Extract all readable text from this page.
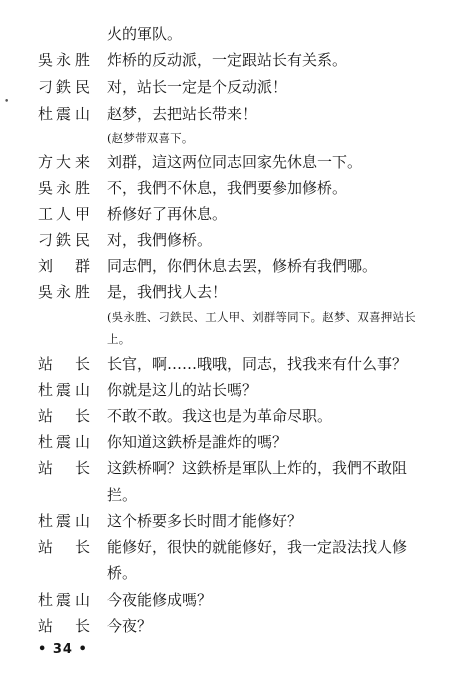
火的軍队。
吳 永 胜 炸桥的反动派，一定跟站长有关系。
刁 鉄 民 对，站长一定是个反动派！
杜 震 山 赵梦，去把站长带来！
(赵梦带双喜下。
方 大 来 刘群，這这两位同志回家先休息一下。
吳 永 胜 不，我們不休息，我們要參加修桥。
工 人 甲 桥修好了再休息。
刁 鉄 民 对，我們修桥。
刘 群 同志們，你們休息去罢，修桥有我們哪。
吳 永 胜 是，我們找人去！
(吳永胜、刁鉄民、工人甲、刘群等同下。赵梦、双喜押站长
上。
站 长 长官，啊……哦哦，同志，找我来有什么事？
杜 震 山 你就是这儿的站长嗎？
站 长 不敢不敢。我这也是为革命尽职。
杜 震 山 你知道这鉄桥是誰炸的嗎？
站 长 这鉄桥啊？这鉄桥是軍队上炸的，我們不敢阻
拦。
杜 震 山 这个桥要多长时間才能修好？
站 长 能修好，很快的就能修好，我一定設法找人修
桥。
杜 震 山 今夜能修成嗎？
站 长 今夜？
•
• 34 •
